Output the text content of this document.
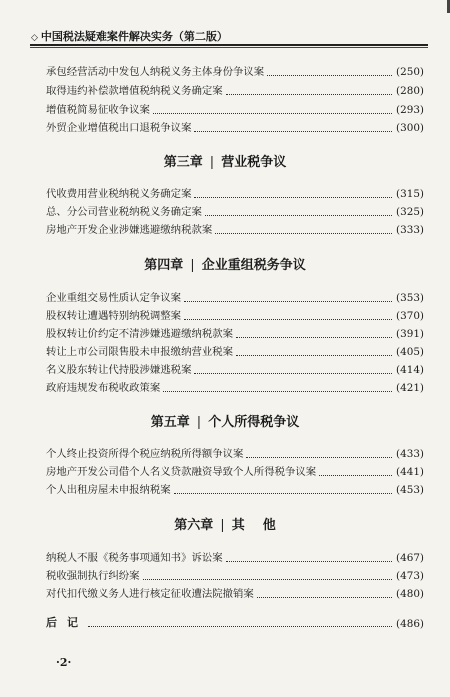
◇ 中国税法疑难案件解决实务（第二版）
承包经营活动中发包人纳税义务主体身份争议案	(250)
取得违约补偿款增值税纳税义务确定案	(280)
增值税简易征收争议案	(293)
外贸企业增值税出口退税争议案	(300)
第三章 | 营业税争议
代收费用营业税纳税义务确定案	(315)
总、分公司营业税纳税义务确定案	(325)
房地产开发企业涉嫌逃避缴纳税款案	(333)
第四章 | 企业重组税务争议
企业重组交易性质认定争议案	(353)
股权转让遭遇特别纳税调整案	(370)
股权转让价约定不清涉嫌逃避缴纳税款案	(391)
转让上市公司限售股未申报缴纳营业税案	(405)
名义股东转让代持股涉嫌逃税案	(414)
政府违规发布税收政策案	(421)
第五章 | 个人所得税争议
个人终止投资所得个税应纳税所得额争议案	(433)
房地产开发公司借个人名义贷款融资导致个人所得税争议案	(441)
个人出租房屋未申报纳税案	(453)
第六章 | 其 他
纳税人不服《税务事项通知书》诉讼案	(467)
税收强制执行纠纷案	(473)
对代扣代缴义务人进行核定征收遭法院撤销案	(480)
后记	(486)
·2·
